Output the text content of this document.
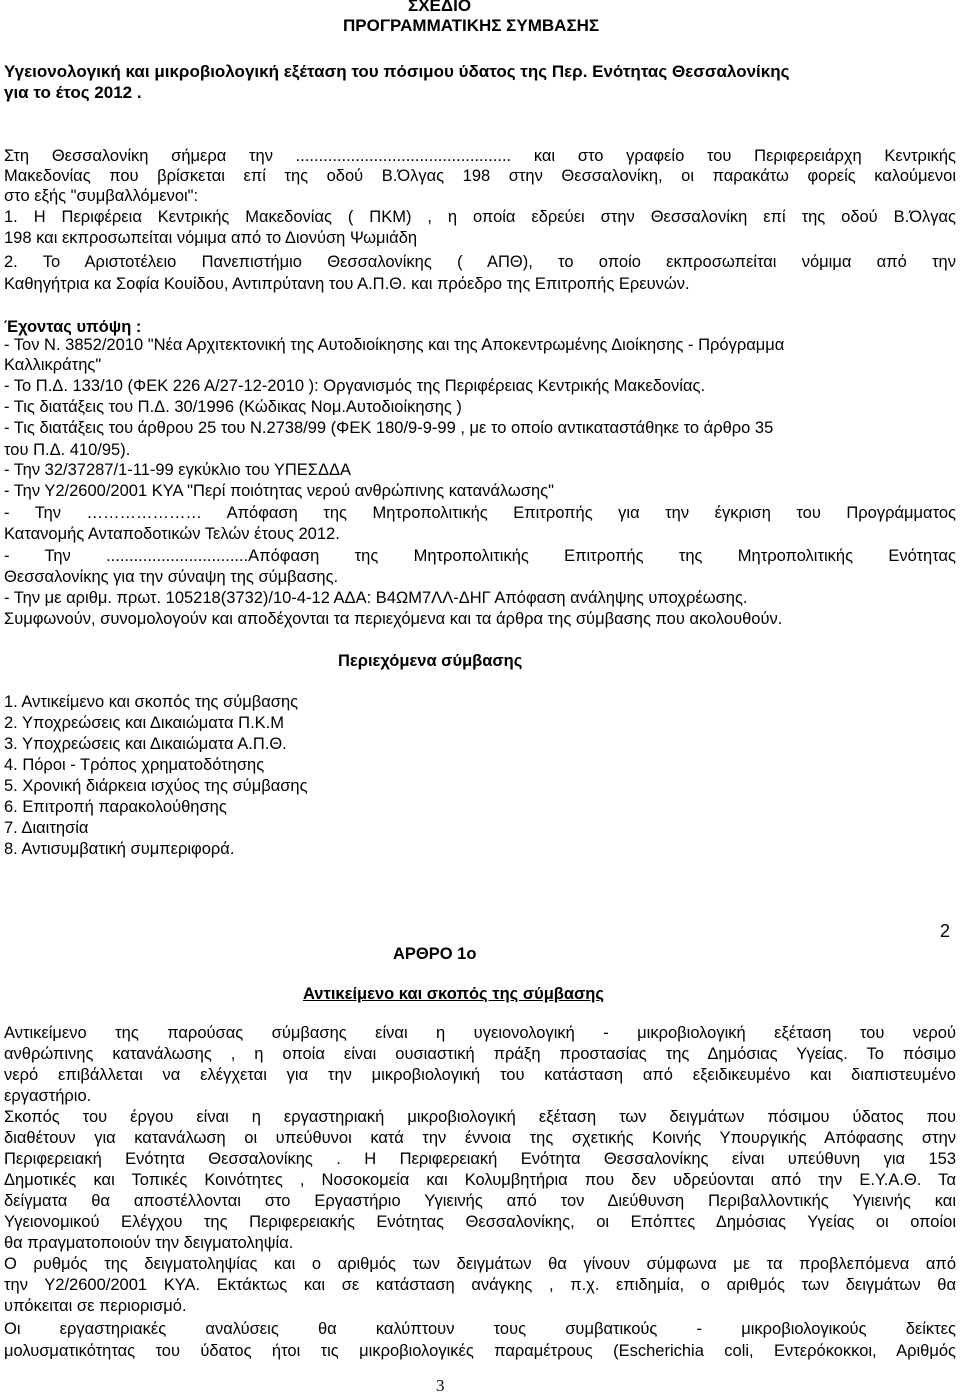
ΣΧΕΔΙΟ
ΠΡΟΓΡΑΜΜΑΤΙΚΗΣ ΣΥΜΒΑΣΗΣ
Υγειονολογική και μικροβιολογική εξέταση του πόσιμου ύδατος της Περ. Ενότητας Θεσσαλονίκης
για το έτος 2012 .
Στη Θεσσαλονίκη σήμερα την ............................................... και στο γραφείο του Περιφερειάρχη Κεντρικής
Μακεδονίας που βρίσκεται επί της οδού Β.Όλγας 198 στην Θεσσαλονίκη, οι παρακάτω φορείς καλούμενοι
στο εξής "συμβαλλόμενοι":
1. Η Περιφέρεια Κεντρικής Μακεδονίας ( ΠΚΜ) , η οποία εδρεύει στην Θεσσαλονίκη επί της οδού Β.Όλγας
198 και εκπροσωπείται νόμιμα από το Διονύση Ψωμιάδη
2. Το Αριστοτέλειο Πανεπιστήμιο Θεσσαλονίκης ( ΑΠΘ), το οποίο εκπροσωπείται νόμιμα από την
Καθηγήτρια κα Σοφία Κουίδου, Αντιπρύτανη του Α.Π.Θ. και πρόεδρο της Επιτροπής Ερευνών.
Έχοντας υπόψη :
- Τον Ν. 3852/2010 "Νέα Αρχιτεκτονική της Αυτοδιοίκησης και της Αποκεντρωμένης Διοίκησης - Πρόγραμμα
Καλλικράτης"
- Το Π.Δ. 133/10 (ΦΕΚ 226 Α/27-12-2010 ): Οργανισμός της Περιφέρειας Κεντρικής Μακεδονίας.
- Τις διατάξεις του Π.Δ. 30/1996 (Κώδικας Νομ.Αυτοδιοίκησης )
- Τις διατάξεις του άρθρου 25 του Ν.2738/99 (ΦΕΚ 180/9-9-99 , με το οποίο αντικαταστάθηκε το άρθρο 35
του Π.Δ. 410/95).
- Την 32/37287/1-11-99 εγκύκλιο του ΥΠΕΣΔΔΑ
- Την Υ2/2600/2001 ΚΥΑ "Περί ποιότητας νερού ανθρώπινης κατανάλωσης"
- Την ………………… Απόφαση της Μητροπολιτικής Επιτροπής για την έγκριση του Προγράμματος
Κατανομής Ανταποδοτικών Τελών έτους 2012.
- Την ...............................Απόφαση της Μητροπολιτικής Επιτροπής της Μητροπολιτικής Ενότητας
Θεσσαλονίκης για την σύναψη της σύμβασης.
- Την με αριθμ. πρωτ. 105218(3732)/10-4-12 ΑΔΑ: Β4ΩΜ7ΛΛ-ΔΗΓ Απόφαση ανάληψης υποχρέωσης.
Συμφωνούν, συνομολογούν και αποδέχονται τα περιεχόμενα και τα άρθρα της σύμβασης που ακολουθούν.
Περιεχόμενα σύμβασης
1. Αντικείμενο και σκοπός της σύμβασης
2. Υποχρεώσεις και Δικαιώματα Π.Κ.Μ
3. Υποχρεώσεις και Δικαιώματα Α.Π.Θ.
4. Πόροι - Τρόπος χρηματοδότησης
5. Χρονική διάρκεια ισχύος της σύμβασης
6. Επιτροπή παρακολούθησης
7. Διαιτησία
8. Αντισυμβατική συμπεριφορά.
2
ΑΡΘΡΟ 1ο
Αντικείμενο και σκοπός της σύμβασης
Αντικείμενο της παρούσας σύμβασης είναι η υγειονολογική - μικροβιολογική εξέταση του νερού
ανθρώπινης κατανάλωσης , η οποία είναι ουσιαστική πράξη προστασίας της Δημόσιας Υγείας. Το πόσιμο
νερό επιβάλλεται να ελέγχεται για την μικροβιολογική του κατάσταση από εξειδικευμένο και διαπιστευμένο
εργαστήριο.
Σκοπός του έργου είναι η εργαστηριακή μικροβιολογική εξέταση των δειγμάτων πόσιμου ύδατος που
διαθέτουν για κατανάλωση οι υπεύθυνοι κατά την έννοια της σχετικής Κοινής Υπουργικής Απόφασης στην
Περιφερειακή Ενότητα Θεσσαλονίκης . Η Περιφερειακή Ενότητα Θεσσαλονίκης είναι υπεύθυνη για 153
Δημοτικές και Τοπικές Κοινότητες , Νοσοκομεία και Κολυμβητήρια που δεν υδρεύονται από την Ε.Υ.Α.Θ. Τα
δείγματα θα αποστέλλονται στο Εργαστήριο Υγιεινής από τον Διεύθυνση Περιβαλλοντικής Υγιεινής και
Υγειονομικού Ελέγχου της Περιφερειακής Ενότητας Θεσσαλονίκης, οι Επόπτες Δημόσιας Υγείας οι οποίοι
θα πραγματοποιούν την δειγματοληψία.
Ο ρυθμός της δειγματοληψίας και ο αριθμός των δειγμάτων θα γίνουν σύμφωνα με τα προβλεπόμενα από
την Υ2/2600/2001 ΚΥΑ. Εκτάκτως και σε κατάσταση ανάγκης , π.χ. επιδημία, ο αριθμός των δειγμάτων θα
υπόκειται σε περιορισμό.
Οι εργαστηριακές αναλύσεις θα καλύπτουν τους συμβατικούς - μικροβιολογικούς δείκτες
μολυσματικότητας του ύδατος ήτοι τις μικροβιολογικές παραμέτρους (Escherichia coli, Εντερόκοκκοι, Αριθμός
3
